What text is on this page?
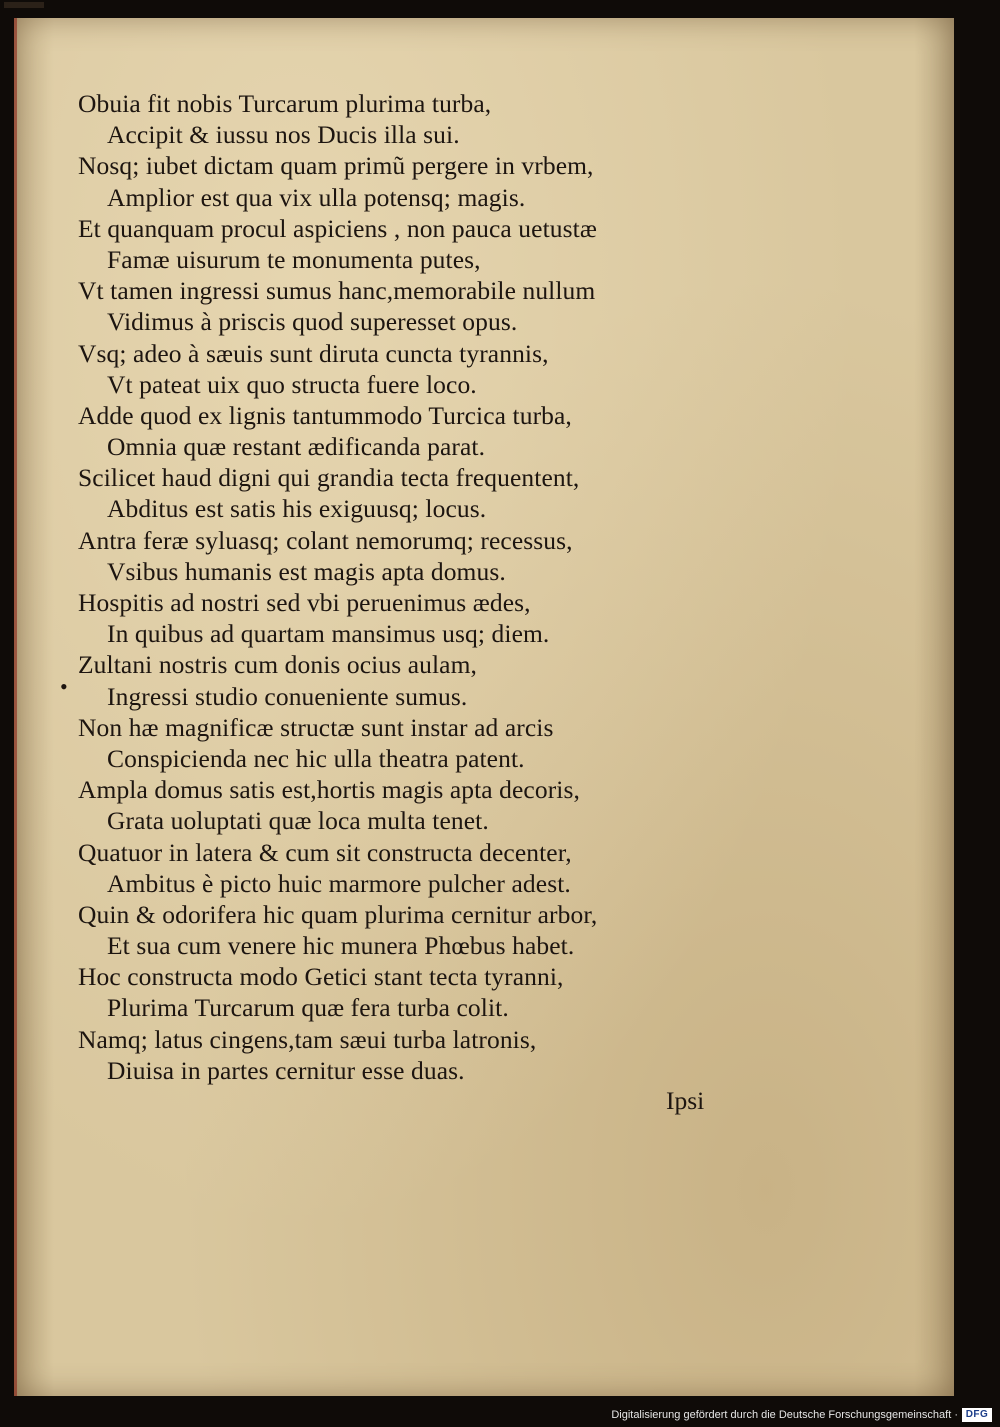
Obuia fit nobis Turcarum plurima turba,
Accipit & iussu nos Ducis illa sui.
Nosq; iubet dictam quam primũ pergere in vrbem,
Amplior est qua vix ulla potensq; magis.
Et quanquam procul aspiciens , non pauca uetustæ
Famæ uisurum te monumenta putes,
Vt tamen ingressi sumus hanc,memorabile nullum
Vidimus à priscis quod superesset opus.
Vsq; adeo à sæuis sunt diruta cuncta tyrannis,
Vt pateat uix quo structa fuere loco.
Adde quod ex lignis tantummodo Turcica turba,
Omnia quæ restant ædificanda parat.
Scilicet haud digni qui grandia tecta frequentent,
Abditus est satis his exiguusq; locus.
Antra feræ syluasq; colant nemorumq; recessus,
Vsibus humanis est magis apta domus.
Hospitis ad nostri sed vbi peruenimus ædes,
In quibus ad quartam mansimus usq; diem.
Zultani nostris cum donis ocius aulam,
Ingressi studio conueniente sumus.
Non hæ magnificæ structæ sunt instar ad arcis
Conspicienda nec hic ulla theatra patent.
Ampla domus satis est,hortis magis apta decoris,
Grata uoluptati quæ loca multa tenet.
Quatuor in latera & cum sit constructa decenter,
Ambitus è picto huic marmore pulcher adest.
Quin & odorifera hic quam plurima cernitur arbor,
Et sua cum venere hic munera Phœbus habet.
Hoc constructa modo Getici stant tecta tyranni,
Plurima Turcarum quæ fera turba colit.
Namq; latus cingens,tam sæui turba latronis,
Diuisa in partes cernitur esse duas.
•
Ipsi
Digitalisierung gefördert durch die Deutsche Forschungsgemeinschaft · DFG
